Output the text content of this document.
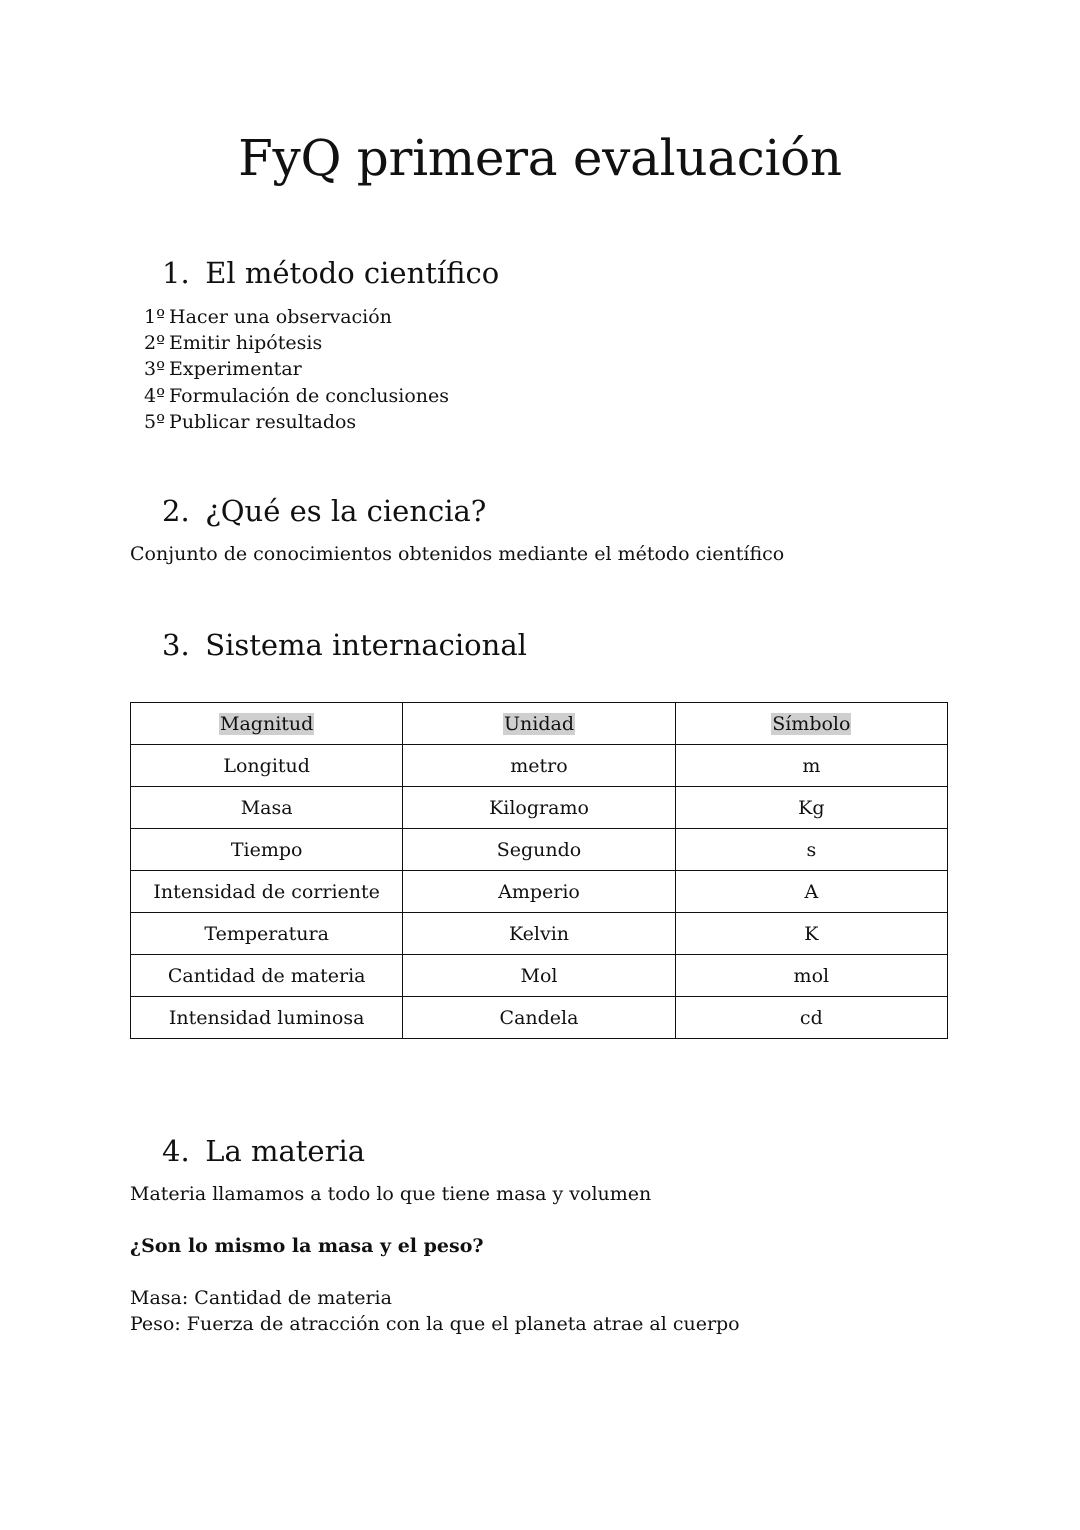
FyQ primera evaluación
1. El método científico
1º Hacer una observación
2º Emitir hipótesis
3º Experimentar
4º Formulación de conclusiones
5º Publicar resultados
2. ¿Qué es la ciencia?

Conjunto de conocimientos obtenidos mediante el método científico

3. Sistema internacional
Magnitud	Unidad	Símbolo
Longitud	metro	m
Masa	Kilogramo	Kg
Tiempo	Segundo	s
Intensidad de corriente	Amperio	A
Temperatura	Kelvin	K
Cantidad de materia	Mol	mol
Intensidad luminosa	Candela	cd
4. La materia

Materia llamamos a todo lo que tiene masa y volumen

¿Son lo mismo la masa y el peso?

Masa: Cantidad de materia

Peso: Fuerza de atracción con la que el planeta atrae al cuerpo
